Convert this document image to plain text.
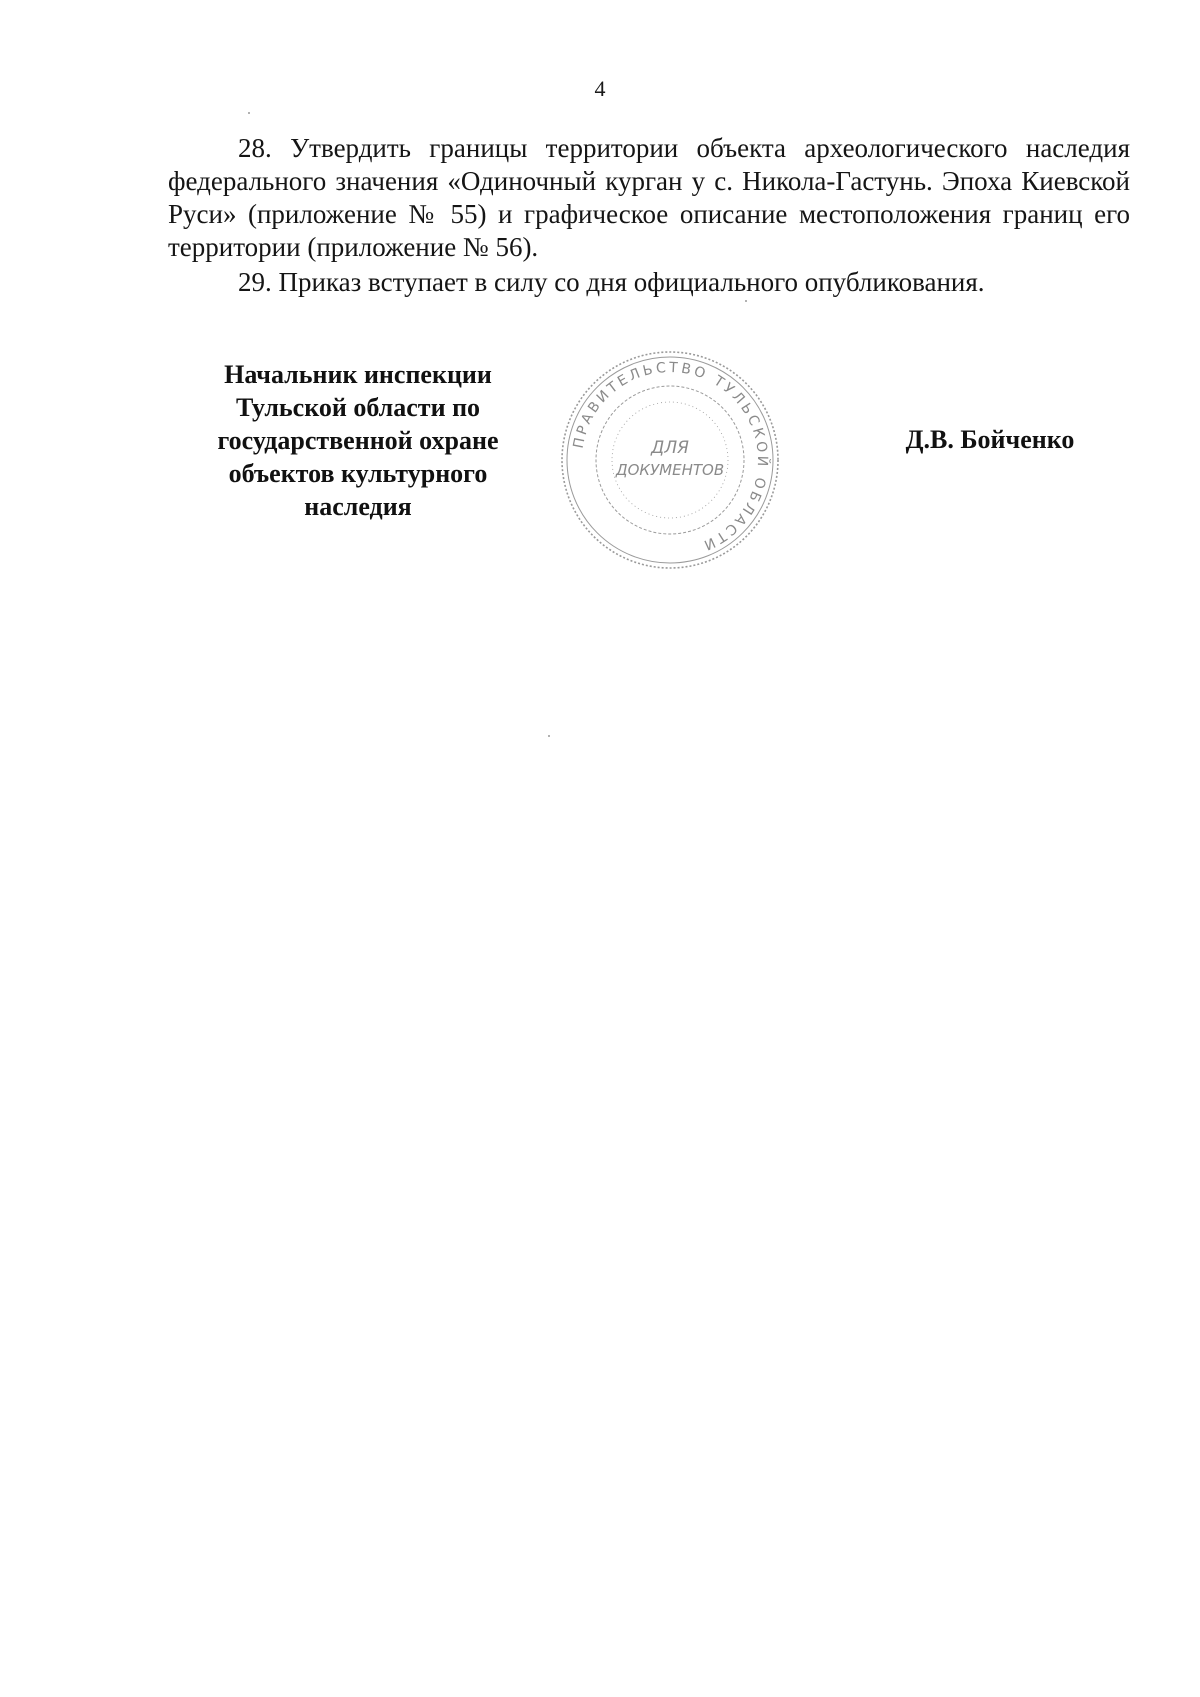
4

28. Утвердить границы территории объекта археологического наследия федерального значения «Одиночный курган у с. Никола-Гастунь. Эпоха Киевской Руси» (приложение № 55) и графическое описание местоположения границ его территории (приложение № 56).

29. Приказ вступает в силу со дня официального опубликования.

Начальник инспекции Тульской области по государственной охране объектов культурного наследия
ПРАВИТЕЛЬСТВО ТУЛЬСКОЙ ОБЛАСТИ
ДЛЯ
ДОКУМЕНТОВ
Д.В. Бойченко
